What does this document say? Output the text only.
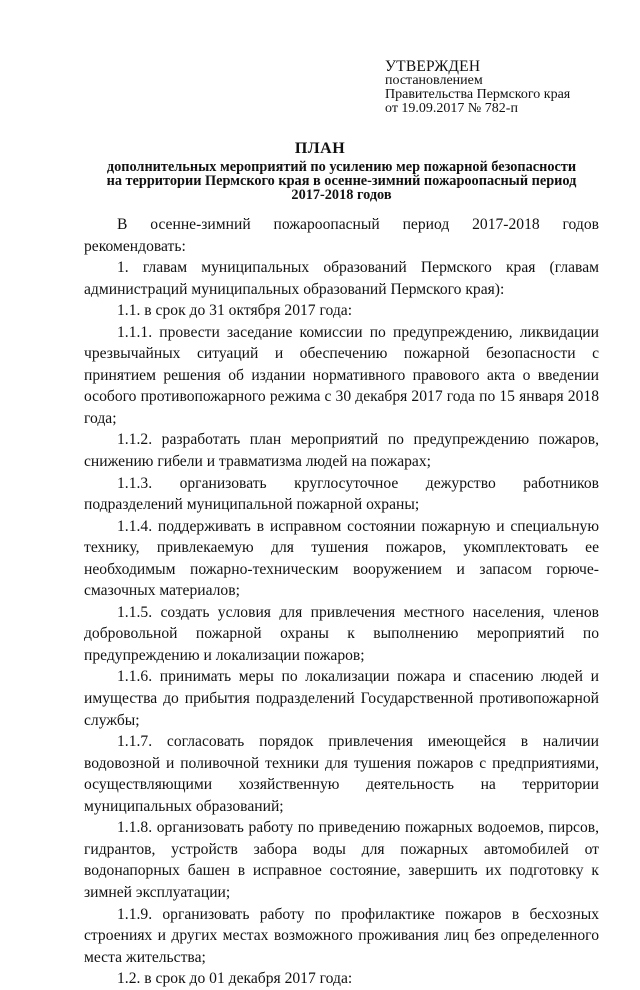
УТВЕРЖДЕН
постановлением
Правительства Пермского края
от 19.09.2017 № 782-п
ПЛАН
дополнительных мероприятий по усилению мер пожарной безопасности
на территории Пермского края в осенне-зимний пожароопасный период
2017-2018 годов

В осенне-зимний пожароопасный период 2017-2018 годов рекомендовать:

1. главам муниципальных образований Пермского края (главам администраций муниципальных образований Пермского края):

1.1. в срок до 31 октября 2017 года:

1.1.1. провести заседание комиссии по предупреждению, ликвидации чрезвычайных ситуаций и обеспечению пожарной безопасности с принятием решения об издании нормативного правового акта о введении особого противопожарного режима с 30 декабря 2017 года по 15 января 2018 года;

1.1.2. разработать план мероприятий по предупреждению пожаров, снижению гибели и травматизма людей на пожарах;

1.1.3. организовать круглосуточное дежурство работников подразделений муниципальной пожарной охраны;

1.1.4. поддерживать в исправном состоянии пожарную и специальную технику, привлекаемую для тушения пожаров, укомплектовать ее необходимым пожарно-техническим вооружением и запасом горюче-смазочных материалов;

1.1.5. создать условия для привлечения местного населения, членов добровольной пожарной охраны к выполнению мероприятий по предупреждению и локализации пожаров;

1.1.6. принимать меры по локализации пожара и спасению людей и имущества до прибытия подразделений Государственной противопожарной службы;

1.1.7. согласовать порядок привлечения имеющейся в наличии водовозной и поливочной техники для тушения пожаров с предприятиями, осуществляющими хозяйственную деятельность на территории муниципальных образований;

1.1.8. организовать работу по приведению пожарных водоемов, пирсов, гидрантов, устройств забора воды для пожарных автомобилей от водонапорных башен в исправное состояние, завершить их подготовку к зимней эксплуатации;

1.1.9. организовать работу по профилактике пожаров в бесхозных строениях и других местах возможного проживания лиц без определенного места жительства;

1.2. в срок до 01 декабря 2017 года:
